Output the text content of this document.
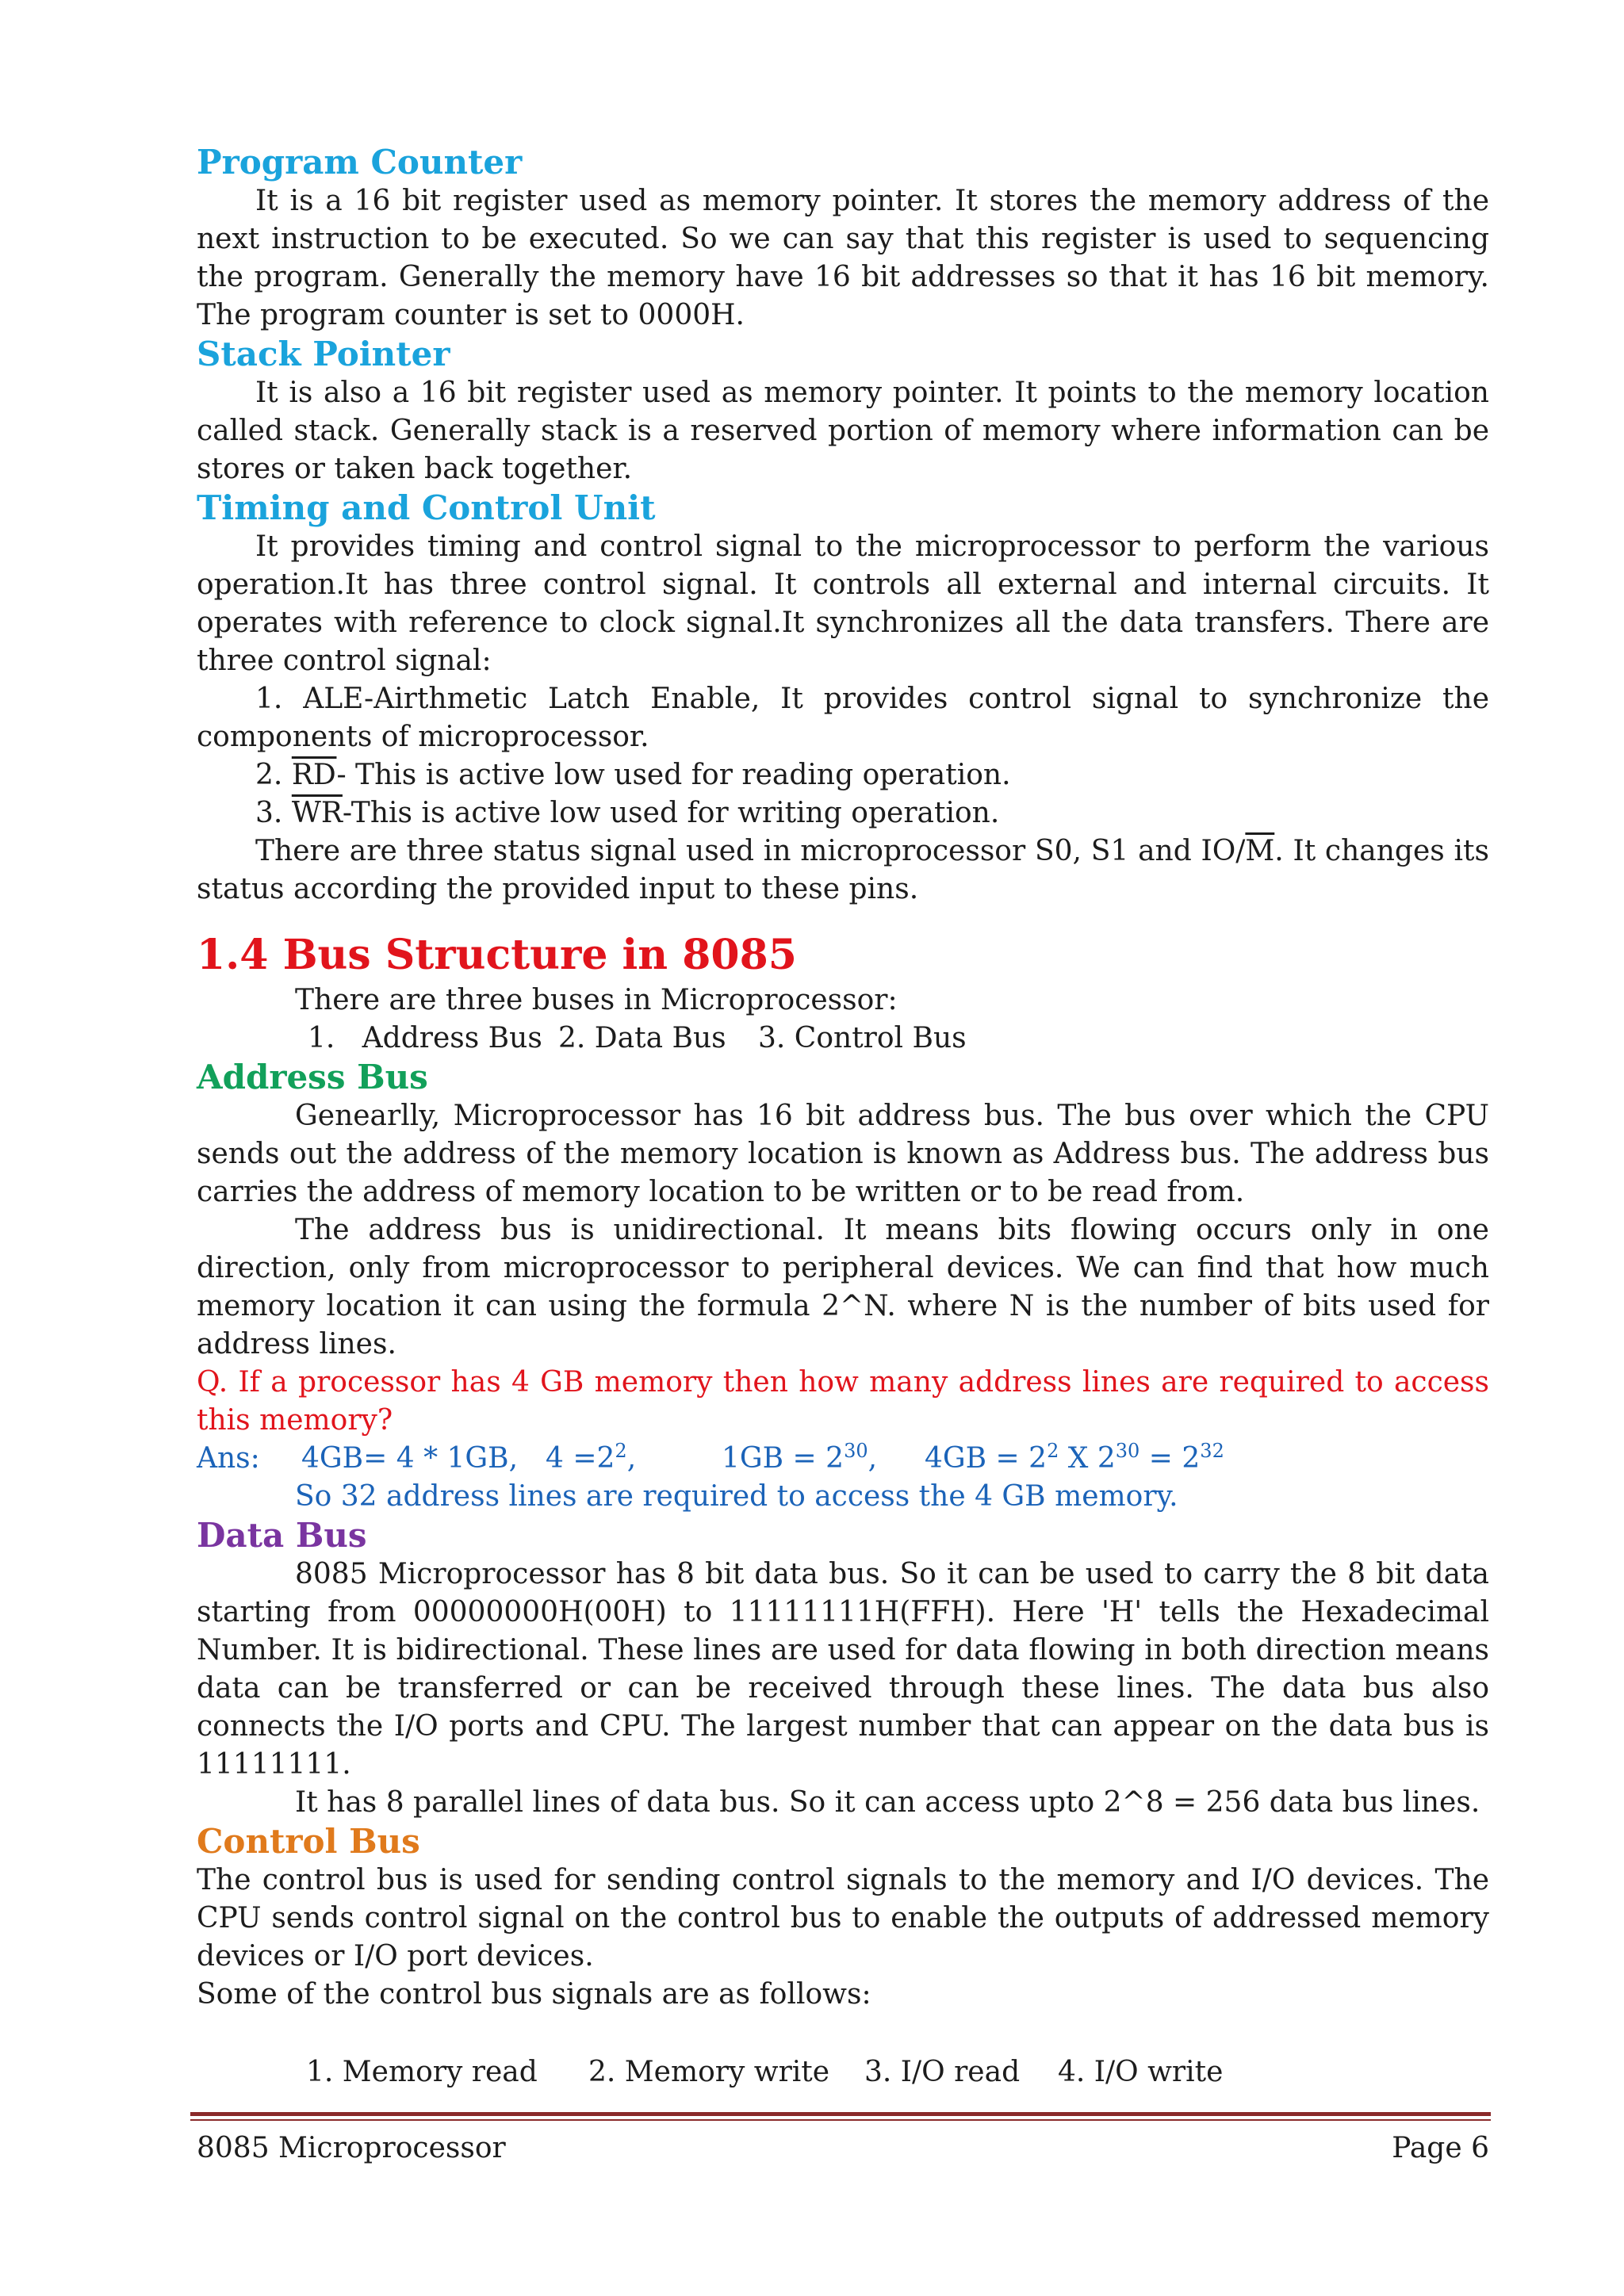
Program Counter

It is a 16 bit register used as memory pointer. It stores the memory address of the next instruction to be executed. So we can say that this register is used to sequencing the program. Generally the memory have 16 bit addresses so that it has 16 bit memory. The program counter is set to 0000H.

Stack Pointer

It is also a 16 bit register used as memory pointer. It points to the memory location called stack. Generally stack is a reserved portion of memory where information can be stores or taken back together.

Timing and Control Unit

It provides timing and control signal to the microprocessor to perform the various operation.It has three control signal. It controls all external and internal circuits. It operates with reference to clock signal.It synchronizes all the data transfers. There are three control signal:

1. ALE-Airthmetic Latch Enable, It provides control signal to synchronize the components of microprocessor.

2. $\overline{RD}-$ This is active low used for reading operation.

3. $\overline{WR}$-This is active low used for writing operation.

There are three status signal used in microprocessor S0, S1 and $IO/\overline{M}$. It changes its status according the provided input to these pins.

1.4 Bus Structure in 8085

There are three buses in Microprocessor:

1.   Address Bus 2. Data Bus	3. Control Bus
Address Bus

Genearlly, Microprocessor has 16 bit address bus. The bus over which the CPU sends out the address of the memory location is known as Address bus. The address bus carries the address of memory location to be written or to be read from.

The address bus is unidirectional. It means bits flowing occurs only in one direction, only from microprocessor to peripheral devices. We can find that how much memory location it can using the formula 2^N. where N is the number of bits used for address lines.

Q. If a processor has 4 GB memory then how many address lines are required to access this memory?

Ans:	4GB= 4 * 1GB, $4 =2^2$,	$1GB = 2^{30}$,	$4GB = 2^2$ X $2^{30} = 2^{32}$

So 32 address lines are required to access the 4 GB memory.

Data Bus

8085 Microprocessor has 8 bit data bus. So it can be used to carry the 8 bit data starting from 00000000H(00H) to 11111111H(FFH). Here 'H' tells the Hexadecimal Number. It is bidirectional. These lines are used for data flowing in both direction means data can be transferred or can be received through these lines. The data bus also connects the I/O ports and CPU. The largest number that can appear on the data bus is 11111111.

It has 8 parallel lines of data bus. So it can access upto 2^8 = 256 data bus lines.

Control Bus

The control bus is used for sending control signals to the memory and I/O devices. The CPU sends control signal on the control bus to enable the outputs of addressed memory devices or I/O port devices.

Some of the control bus signals are as follows:

1. Memory read	2. Memory write	3. I/O read	4. I/O write
8085 Microprocessor	Page 6
